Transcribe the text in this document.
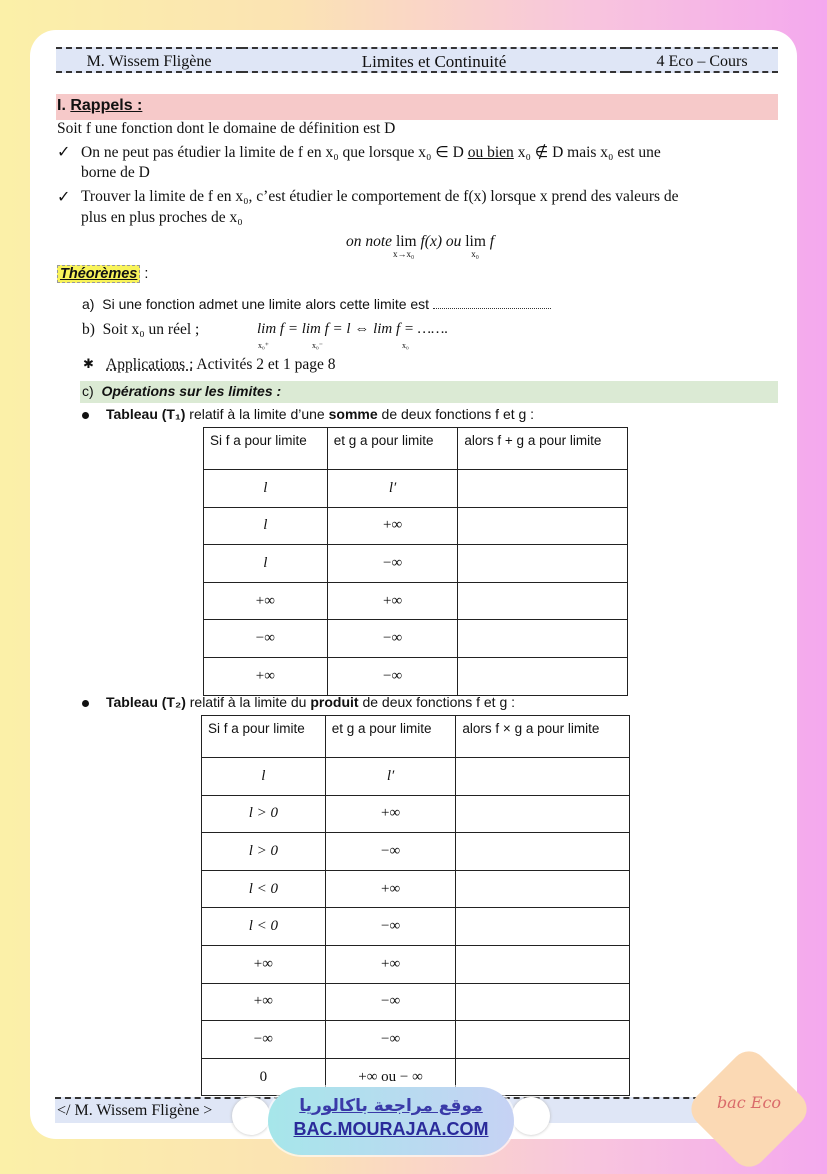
M. Wissem Fligène	Limites et Continuité	4 Eco – Cours
I. Rappels :
Soit f une fonction dont le domaine de définition est D
✓ On ne peut pas étudier la limite de f en x₀ que lorsque x₀ ∈ D ou bien x₀ ∉ D mais x₀ est une
borne de D
✓ Trouver la limite de f en x₀, c’est étudier le comportement de f(x) lorsque x prend des valeurs de
plus en plus proches de x₀
on note lim
x→x₀
f(x) ou lim
x₀
f
Théorèmes :
a) Si une fonction admet une limite alors cette limite est
b) Soit x₀ un réel ;	lim f = lim f = l ⇔ lim f = …….
x₀⁺	x₀⁻	x₀
✱ Applications : Activités 2 et 1 page 8
c) Opérations sur les limites :
Tableau (T₁) relatif à la limite d’une somme de deux fonctions f et g :
Si f a pour limite	et g a pour limite	alors f + g a pour limite
l	l′	
l	+∞	
l	−∞	
+∞	+∞	
−∞	−∞	
+∞	−∞	
Tableau (T₂) relatif à la limite du produit de deux fonctions f et g :
Si f a pour limite	et g a pour limite	alors f × g a pour limite
l	l′	
l > 0	+∞	
l > 0	−∞	
l < 0	+∞	
l < 0	−∞	
+∞	+∞	
+∞	−∞	
−∞	−∞	
0	+∞ ou − ∞	
</ M. Wissem Fligène >	موقع مراجعة باكالوريا
BAC.MOURAJAA.COM
bac Eco
